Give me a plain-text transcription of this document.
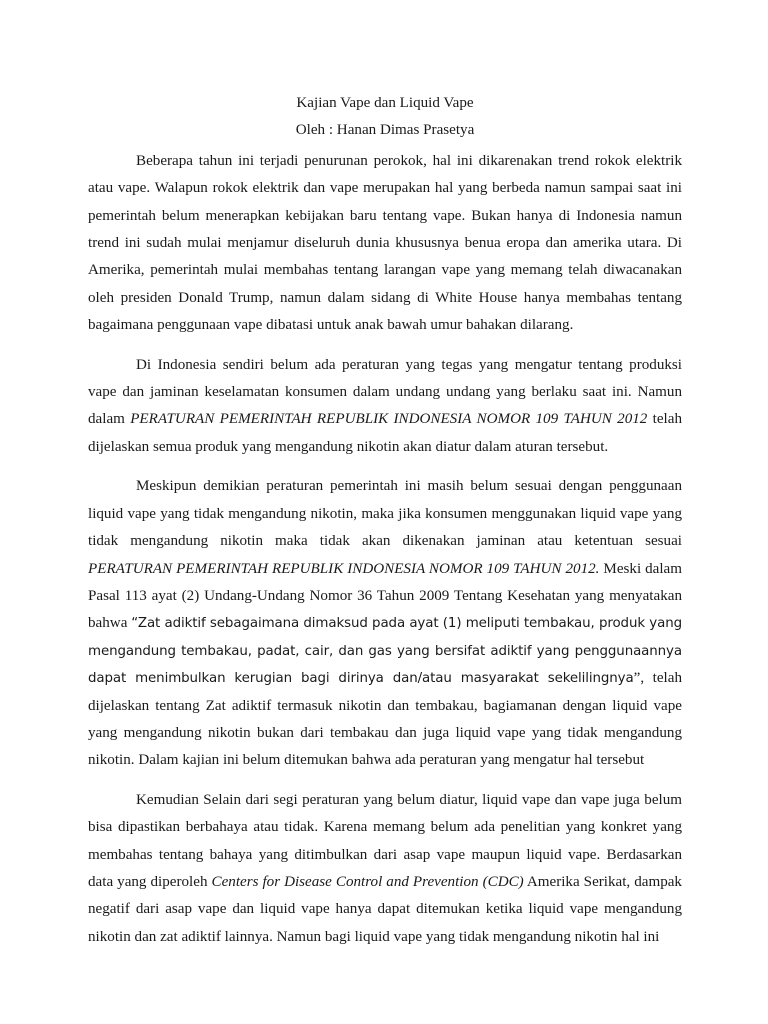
Kajian Vape dan Liquid Vape

Oleh : Hanan Dimas Prasetya

Beberapa tahun ini terjadi penurunan perokok, hal ini dikarenakan trend rokok elektrik atau vape. Walapun rokok elektrik dan vape merupakan hal yang berbeda namun sampai saat ini pemerintah belum menerapkan kebijakan baru tentang vape. Bukan hanya di Indonesia namun trend ini sudah mulai menjamur diseluruh dunia khususnya benua eropa dan amerika utara. Di Amerika, pemerintah mulai membahas tentang larangan vape yang memang telah diwacanakan oleh presiden Donald Trump, namun dalam sidang di White House hanya membahas tentang bagaimana penggunaan vape dibatasi untuk anak bawah umur bahakan dilarang.

Di Indonesia sendiri belum ada peraturan yang tegas yang mengatur tentang produksi vape dan jaminan keselamatan konsumen dalam undang undang yang berlaku saat ini. Namun dalam PERATURAN PEMERINTAH REPUBLIK INDONESIA NOMOR 109 TAHUN 2012 telah dijelaskan semua produk yang mengandung nikotin akan diatur dalam aturan tersebut.

Meskipun demikian peraturan pemerintah ini masih belum sesuai dengan penggunaan liquid vape yang tidak mengandung nikotin, maka jika konsumen menggunakan liquid vape yang tidak mengandung nikotin maka tidak akan dikenakan jaminan atau ketentuan sesuai PERATURAN PEMERINTAH REPUBLIK INDONESIA NOMOR 109 TAHUN 2012. Meski dalam Pasal 113 ayat (2) Undang-Undang Nomor 36 Tahun 2009 Tentang Kesehatan yang menyatakan bahwa “Zat adiktif sebagaimana dimaksud pada ayat (1) meliputi tembakau, produk yang mengandung tembakau, padat, cair, dan gas yang bersifat adiktif yang penggunaannya dapat menimbulkan kerugian bagi dirinya dan/atau masyarakat sekelilingnya”, telah dijelaskan tentang Zat adiktif termasuk nikotin dan tembakau, bagiamanan dengan liquid vape yang mengandung nikotin bukan dari tembakau dan juga liquid vape yang tidak mengandung nikotin. Dalam kajian ini belum ditemukan bahwa ada peraturan yang mengatur hal tersebut

Kemudian Selain dari segi peraturan yang belum diatur, liquid vape dan vape juga belum bisa dipastikan berbahaya atau tidak. Karena memang belum ada penelitian yang konkret yang membahas tentang bahaya yang ditimbulkan dari asap vape maupun liquid vape. Berdasarkan data yang diperoleh Centers for Disease Control and Prevention (CDC) Amerika Serikat, dampak negatif dari asap vape dan liquid vape hanya dapat ditemukan ketika liquid vape mengandung nikotin dan zat adiktif lainnya. Namun bagi liquid vape yang tidak mengandung nikotin hal ini
